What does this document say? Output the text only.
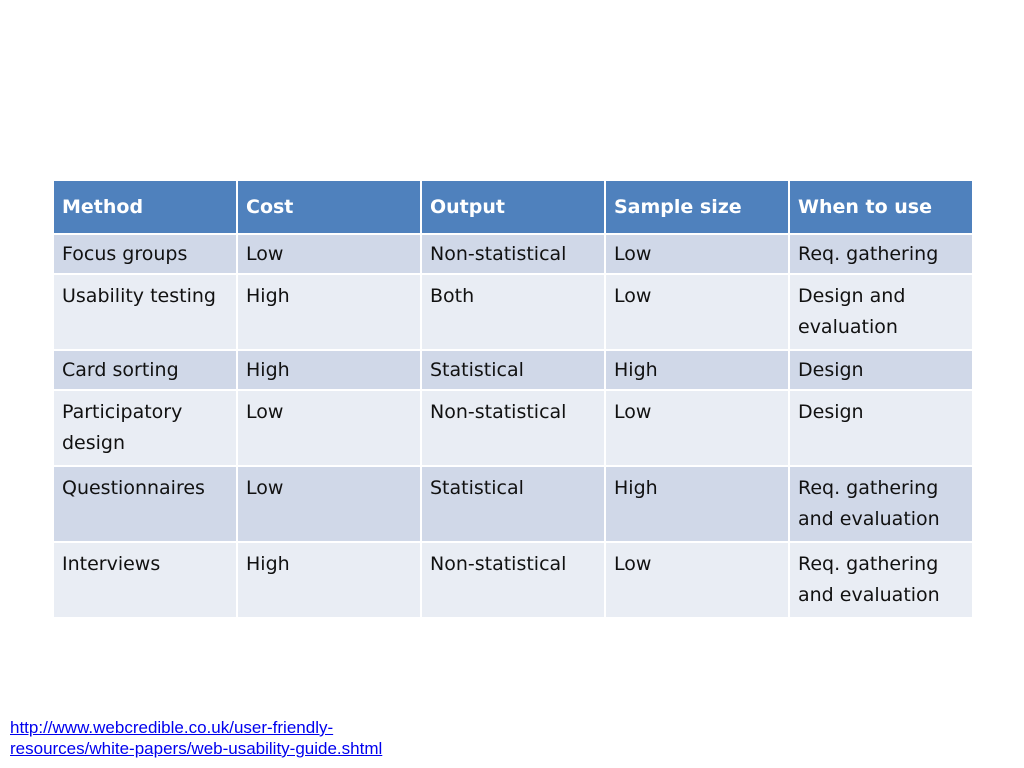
Method	Cost	Output	Sample size	When to use
Focus groups	Low	Non-statistical	Low	Req. gathering
Usability testing	High	Both	Low	Design and evaluation
Card sorting	High	Statistical	High	Design
Participatory design	Low	Non-statistical	Low	Design
Questionnaires	Low	Statistical	High	Req. gathering and evaluation
Interviews	High	Non-statistical	Low	Req. gathering and evaluation
http://www.webcredible.co.uk/user-friendly-
resources/white-papers/web-usability-guide.shtml
